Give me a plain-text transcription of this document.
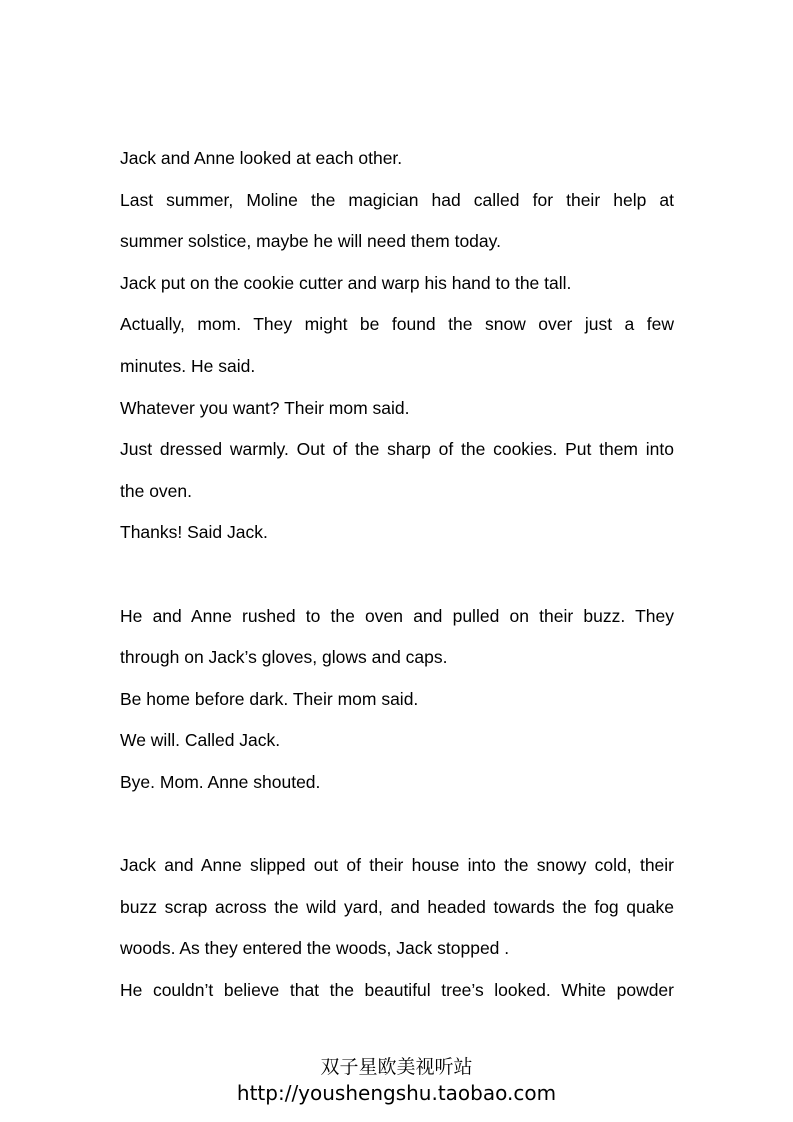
Jack and Anne looked at each other.
Last summer, Moline the magician had called for their help at
summer solstice, maybe he will need them today.
Jack put on the cookie cutter and warp his hand to the tall.
Actually, mom. They might be found the snow over just a few
minutes. He said.
Whatever you want? Their mom said.
Just dressed warmly. Out of the sharp of the cookies. Put them into
the oven.
Thanks! Said Jack.
He and Anne rushed to the oven and pulled on their buzz. They
through on Jack’s gloves, glows and caps.
Be home before dark. Their mom said.
We will. Called Jack.
Bye. Mom. Anne shouted.
Jack and Anne slipped out of their house into the snowy cold, their
buzz scrap across the wild yard, and headed towards the fog quake
woods. As they entered the woods, Jack stopped .
He couldn’t believe that the beautiful tree’s looked. White powder
双子星欧美视听站
http://youshengshu.taobao.com
